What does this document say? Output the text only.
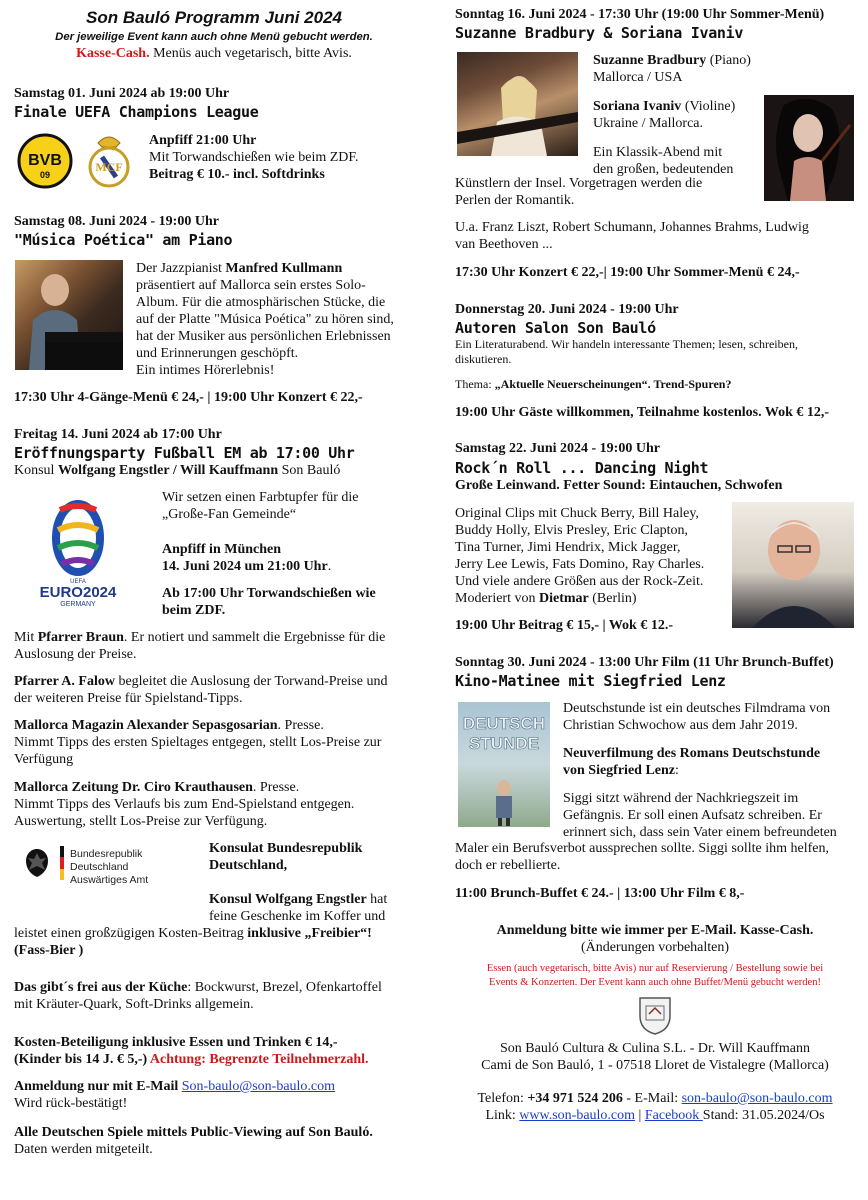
Son Bauló Programm Juni 2024
Der jeweilige Event kann auch ohne Menü gebucht werden.
Kasse-Cash. Menüs auch vegetarisch, bitte Avis.
Samstag 01. Juni 2024 ab 19:00 Uhr
Finale UEFA Champions League
BVB
09
MCF
Anpfiff 21:00 Uhr
Mit Torwandschießen wie beim ZDF.
Beitrag € 10.- incl. Softdrinks
Samstag 08. Juni 2024 - 19:00 Uhr
"Música Poética" am Piano
Der Jazzpianist Manfred Kullmann
präsentiert auf Mallorca sein erstes Solo-
Album. Für die atmosphärischen Stücke, die
auf der Platte "Música Poética" zu hören sind,
hat der Musiker aus persönlichen Erlebnissen
und Erinnerungen geschöpft.
Ein intimes Hörerlebnis!
17:30 Uhr 4-Gänge-Menü € 24,- | 19:00 Uhr Konzert € 22,-
Freitag 14. Juni 2024 ab 17:00 Uhr
Eröffnungsparty Fußball EM ab 17:00 Uhr
Konsul Wolfgang Engstler / Will Kauffmann Son Bauló
UEFA
EURO2024
GERMANY
Wir setzen einen Farbtupfer für die
„Große-Fan Gemeinde“
Anpfiff in München
14. Juni 2024 um 21:00 Uhr.
Ab 17:00 Uhr Torwandschießen wie
beim ZDF.
Mit Pfarrer Braun. Er notiert und sammelt die Ergebnisse für die
Auslosung der Preise.
Pfarrer A. Falow begleitet die Auslosung der Torwand-Preise und
der weiteren Preise für Spielstand-Tipps.
Mallorca Magazin Alexander Sepasgosarian. Presse.
Nimmt Tipps des ersten Spieltages entgegen, stellt Los-Preise zur
Verfügung
Mallorca Zeitung Dr. Ciro Krauthausen. Presse.
Nimmt Tipps des Verlaufs bis zum End-Spielstand entgegen.
Auswertung, stellt Los-Preise zur Verfügung.
Bundesrepublik Deutschland
Auswärtiges Amt
Konsulat Bundesrepublik
Deutschland,
Konsul Wolfgang Engstler hat
feine Geschenke im Koffer und
leistet einen großzügigen Kosten-Beitrag inklusive „Freibier“!
(Fass-Bier )
Das gibt´s frei aus der Küche: Bockwurst, Brezel, Ofenkartoffel
mit Kräuter-Quark, Soft-Drinks allgemein.
Kosten-Beteiligung inklusive Essen und Trinken € 14,-
(Kinder bis 14 J. € 5,-) Achtung: Begrenzte Teilnehmerzahl.
Anmeldung nur mit E-Mail Son-baulo@son-baulo.com
Wird rück-bestätigt!
Alle Deutschen Spiele mittels Public-Viewing auf Son Bauló.
Daten werden mitgeteilt.
Sonntag 16. Juni 2024 - 17:30 Uhr (19:00 Uhr Sommer-Menü)
Suzanne Bradbury & Soriana Ivaniv
Suzanne Bradbury (Piano)
Mallorca / USA
Soriana Ivaniv (Violine)
Ukraine / Mallorca.
Ein Klassik-Abend mit
den großen, bedeutenden
Künstlern der Insel. Vorgetragen werden die
Perlen der Romantik.
U.a. Franz Liszt, Robert Schumann, Johannes Brahms, Ludwig
van Beethoven ...
17:30 Uhr Konzert € 22,-| 19:00 Uhr Sommer-Menü € 24,-
Donnerstag 20. Juni 2024 - 19:00 Uhr
Autoren Salon Son Bauló
Ein Literaturabend. Wir handeln interessante Themen; lesen, schreiben,
diskutieren.
Thema: „Aktuelle Neuerscheinungen“. Trend-Spuren?
19:00 Uhr Gäste willkommen, Teilnahme kostenlos. Wok € 12,-
Samstag 22. Juni 2024 - 19:00 Uhr
Rock´n Roll ... Dancing Night
Große Leinwand. Fetter Sound: Eintauchen, Schwofen
Original Clips mit Chuck Berry, Bill Haley,
Buddy Holly, Elvis Presley, Eric Clapton,
Tina Turner, Jimi Hendrix, Mick Jagger,
Jerry Lee Lewis, Fats Domino, Ray Charles.
Und viele andere Größen aus der Rock-Zeit.
Moderiert von Dietmar (Berlin)
19:00 Uhr Beitrag € 15,- | Wok € 12.-
Sonntag 30. Juni 2024 - 13:00 Uhr Film (11 Uhr Brunch-Buffet)
Kino-Matinee mit Siegfried Lenz
DEUTSCH
STUNDE
Deutschstunde ist ein deutsches Filmdrama von
Christian Schwochow aus dem Jahr 2019.
Neuverfilmung des Romans Deutschstunde
von Siegfried Lenz:
Siggi sitzt während der Nachkriegszeit im
Gefängnis. Er soll einen Aufsatz schreiben. Er
erinnert sich, dass sein Vater einem befreundeten
Maler ein Berufsverbot aussprechen sollte. Siggi sollte ihm helfen,
doch er rebellierte.
11:00 Brunch-Buffet € 24.- | 13:00 Uhr Film € 8,-
Anmeldung bitte wie immer per E-Mail. Kasse-Cash.
(Änderungen vorbehalten)
Essen (auch vegetarisch, bitte Avis) nur auf Reservierung / Bestellung sowie bei
Events & Konzerten. Der Event kann auch ohne Buffet/Menü gebucht werden!
Son Bauló Cultura & Culina S.L. - Dr. Will Kauffmann
Cami de Son Bauló, 1 - 07518 Lloret de Vistalegre (Mallorca)
Telefon: +34 971 524 206 - E-Mail: son-baulo@son-baulo.com
Link: www.son-baulo.com | Facebook Stand: 31.05.2024/Os
